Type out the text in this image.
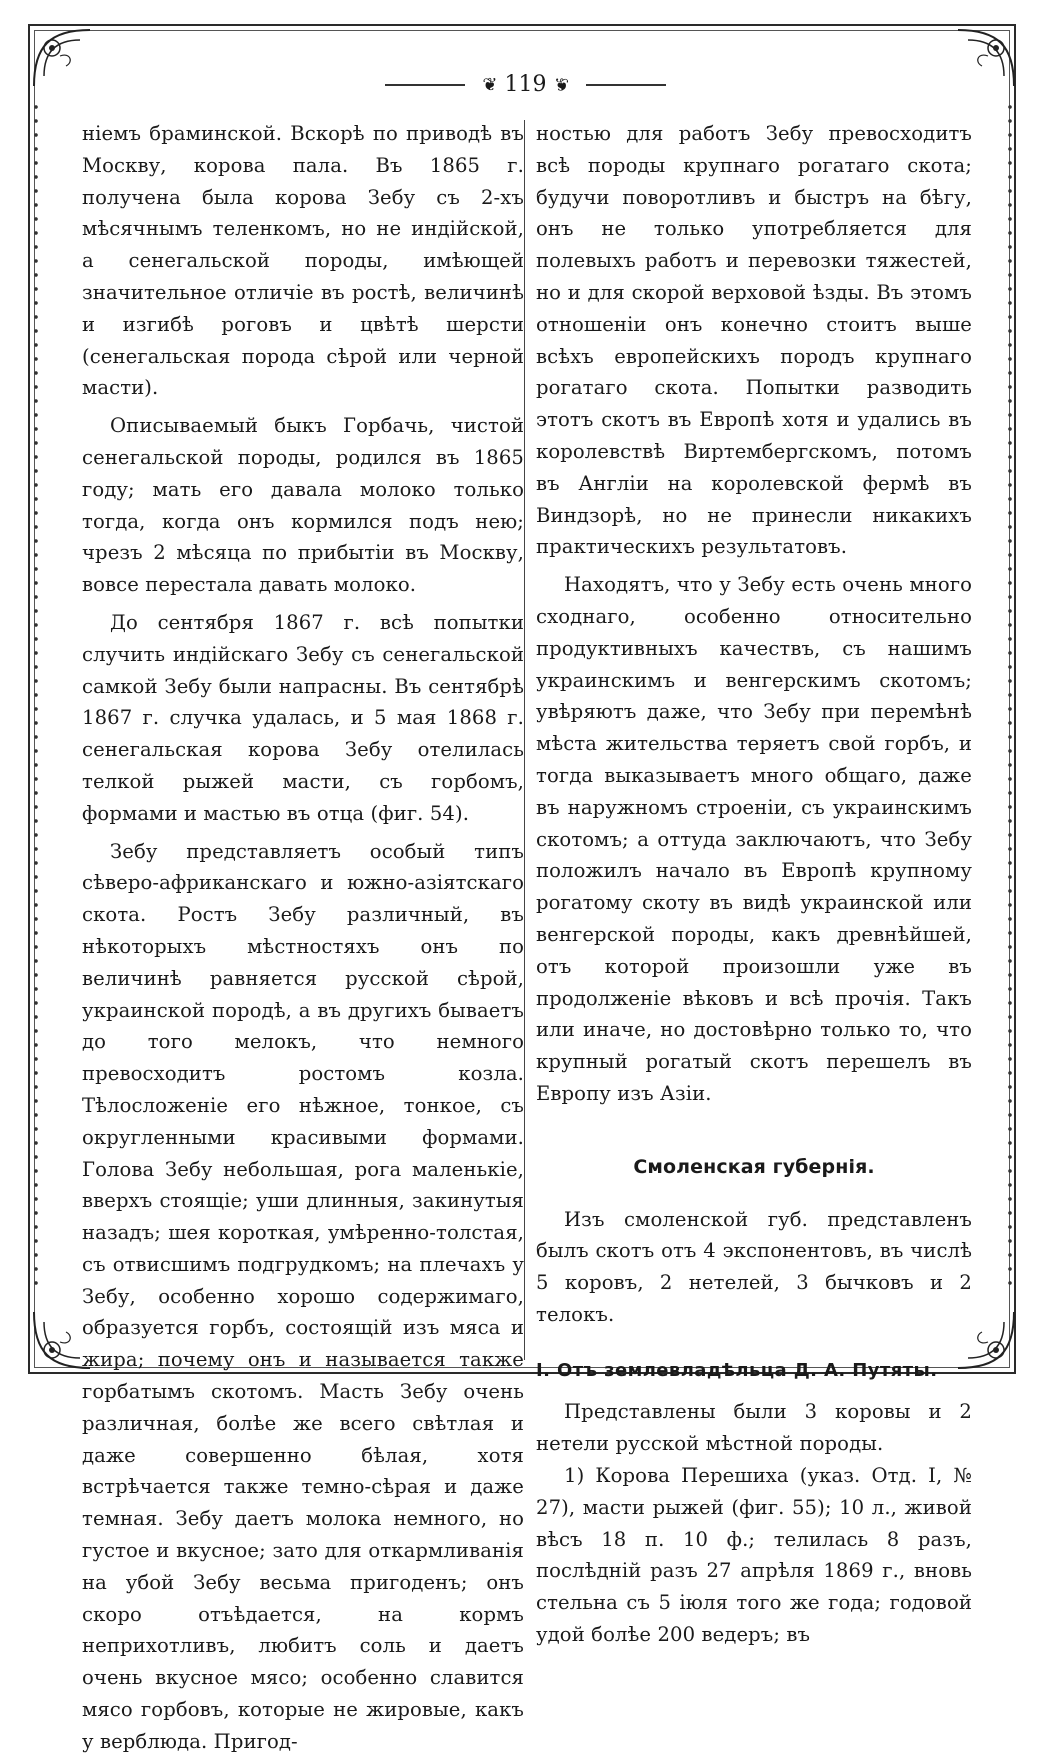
❦ 119 ❦

нiемъ браминской. Вскорѣ по приводѣ въ Москву, корова пала. Въ 1865 г. получена была корова Зебу съ 2-хъ мѣсячнымъ теленкомъ, но не индiйской, а сенегальской породы, имѣющей значительное отличiе въ ростѣ, величинѣ и изгибѣ роговъ и цвѣтѣ шерсти (сенегальская порода сѣрой или черной масти).

Описываемый быкъ Горбачь, чистой сенегальской породы, родился въ 1865 году; мать его давала молоко только тогда, когда онъ кормился подъ нею; чрезъ 2 мѣсяца по прибытiи въ Москву, вовсе перестала давать молоко.

До сентября 1867 г. всѣ попытки случить индiйскаго Зебу съ сенегальской самкой Зебу были напрасны. Въ сентябрѣ 1867 г. случка удалась, и 5 мая 1868 г. сенегальская корова Зебу отелилась телкой рыжей масти, съ горбомъ, формами и мастью въ отца (фиг. 54).

Зебу представляетъ особый типъ сѣверо-африканскаго и южно-азiятскаго скота. Ростъ Зебу различный, въ нѣкоторыхъ мѣстностяхъ онъ по величинѣ равняется русской сѣрой, украинской породѣ, а въ другихъ бываетъ до того мелокъ, что немного превосходитъ ростомъ козла. Тѣлосложенiе его нѣжное, тонкое, съ округленными красивыми формами. Голова Зебу небольшая, рога маленькiе, вверхъ стоящiе; уши длинныя, закинутыя назадъ; шея короткая, умѣренно-толстая, съ отвисшимъ подгрудкомъ; на плечахъ у Зебу, особенно хорошо содержимаго, образуется горбъ, состоящiй изъ мяса и жира; почему онъ и называется также горбатымъ скотомъ. Масть Зебу очень различная, болѣе же всего свѣтлая и даже совершенно бѣлая, хотя встрѣчается также темно-сѣрая и даже темная. Зебу даетъ молока немного, но густое и вкусное; зато для откармливанiя на убой Зебу весьма пригоденъ; онъ скоро отъѣдается, на кормъ неприхотливъ, любитъ соль и даетъ очень вкусное мясо; особенно славится мясо горбовъ, которые не жировые, какъ у верблюда. Пригод-

ностью для работъ Зебу превосходитъ всѣ породы крупнаго рогатаго скота; будучи поворотливъ и быстръ на бѣгу, онъ не только употребляется для полевыхъ работъ и перевозки тяжестей, но и для скорой верховой ѣзды. Въ этомъ отношенiи онъ конечно стоитъ выше всѣхъ европейскихъ породъ крупнаго рогатаго скота. Попытки разводить этотъ скотъ въ Европѣ хотя и удались въ королевствѣ Виртембергскомъ, потомъ въ Англiи на королевской фермѣ въ Виндзорѣ, но не принесли никакихъ практическихъ результатовъ.

Находятъ, что у Зебу есть очень много сходнаго, особенно относительно продуктивныхъ качествъ, съ нашимъ украинскимъ и венгерскимъ скотомъ; увѣряютъ даже, что Зебу при перемѣнѣ мѣста жительства теряетъ свой горбъ, и тогда выказываетъ много общаго, даже въ наружномъ строенiи, съ украинскимъ скотомъ; а оттуда заключаютъ, что Зебу положилъ начало въ Европѣ крупному рогатому скоту въ видѣ украинской или венгерской породы, какъ древнѣйшей, отъ которой произошли уже въ продолженiе вѣковъ и всѣ прочiя. Такъ или иначе, но достовѣрно только то, что крупный рогатый скотъ перешелъ въ Европу изъ Азiи.

Смоленская губернiя.

Изъ смоленской губ. представленъ былъ скотъ отъ 4 экспонентовъ, въ числѣ 5 коровъ, 2 нетелей, 3 бычковъ и 2 телокъ.

I. Отъ землевладѣльца Д. А. Путяты.

Представлены были 3 коровы и 2 нетели русской мѣстной породы.

1) Корова Перешиха (указ. Отд. I, № 27), масти рыжей (фиг. 55); 10 л., живой вѣсъ 18 п. 10 ф.; телилась 8 разъ, послѣднiй разъ 27 апрѣля 1869 г., вновь стельна съ 5 iюля того же года; годовой удой болѣе 200 ведеръ; въ
